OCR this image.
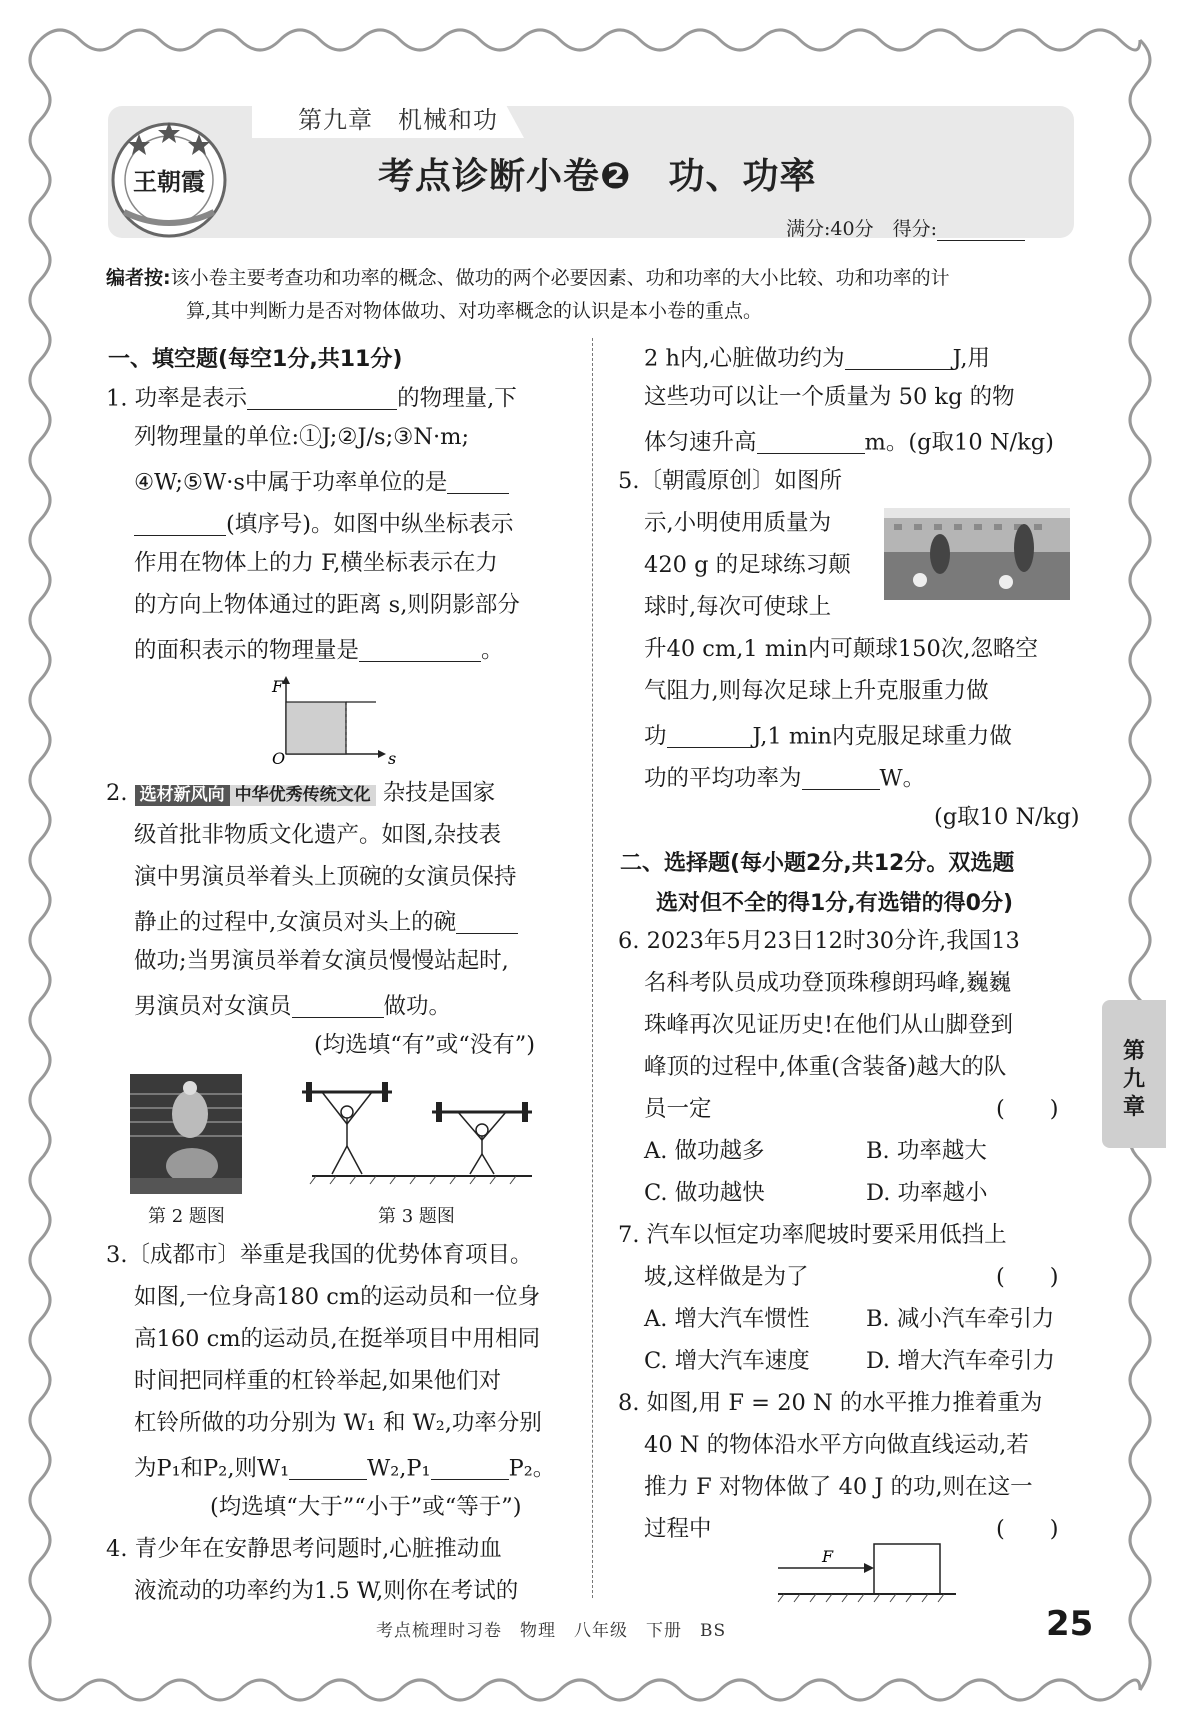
第九章　机械和功
王朝霞	考点诊断小卷❷　功、功率
满分:40分　得分:
编者按:该小卷主要考查功和功率的概念、做功的两个必要因素、功和功率的大小比较、功和功率的计
算,其中判断力是否对物体做功、对功率概念的认识是本小卷的重点。
一、填空题(每空1分,共11分)
1. 功率是表示	的物理量,下
列物理量的单位:①J;②J/s;③N·m;
④W;⑤W·s中属于功率单位的是
(填序号)。如图中纵坐标表示
作用在物体上的力 F,横坐标表示在力
的方向上物体通过的距离 s,则阴影部分
的面积表示的物理量是	。
F
O	s
2. 选材新风向 中华优秀传统文化 杂技是国家
级首批非物质文化遗产。如图,杂技表
演中男演员举着头上顶碗的女演员保持
静止的过程中,女演员对头上的碗
做功;当男演员举着女演员慢慢站起时,
男演员对女演员	做功。
(均选填“有”或“没有”)
第 2 题图	第 3 题图
3.〔成都市〕举重是我国的优势体育项目。
如图,一位身高180 cm的运动员和一位身
高160 cm的运动员,在挺举项目中用相同
时间把同样重的杠铃举起,如果他们对
杠铃所做的功分别为 W₁ 和 W₂,功率分别
为P₁和P₂,则W₁	W₂,P₁	P₂。
(均选填“大于”“小于”或“等于”)
4. 青少年在安静思考问题时,心脏推动血
液流动的功率约为1.5 W,则你在考试的
2 h内,心脏做功约为	J,用
这些功可以让一个质量为 50 kg 的物
体匀速升高	m。(g取10 N/kg)
5.〔朝霞原创〕如图所
示,小明使用质量为
420 g 的足球练习颠
球时,每次可使球上
升40 cm,1 min内可颠球150次,忽略空
气阻力,则每次足球上升克服重力做
功	J,1 min内克服足球重力做
功的平均功率为	W。
(g取10 N/kg)
二、选择题(每小题2分,共12分。双选题
选对但不全的得1分,有选错的得0分)
6. 2023年5月23日12时30分许,我国13
名科考队员成功登顶珠穆朗玛峰,巍巍
珠峰再次见证历史!在他们从山脚登到
峰顶的过程中,体重(含装备)越大的队
员一定	(　　)
A. 做功越多	B. 功率越大
C. 做功越快	D. 功率越小
7. 汽车以恒定功率爬坡时要采用低挡上
坡,这样做是为了	(　　)
A. 增大汽车惯性	B. 减小汽车牵引力
C. 增大汽车速度	D. 增大汽车牵引力
8. 如图,用 F = 20 N 的水平推力推着重为
40 N 的物体沿水平方向做直线运动,若
推力 F 对物体做了 40 J 的功,则在这一
过程中	(　　)
F
第
九
章
考点梳理时习卷　物理　八年级　下册　BS	25
